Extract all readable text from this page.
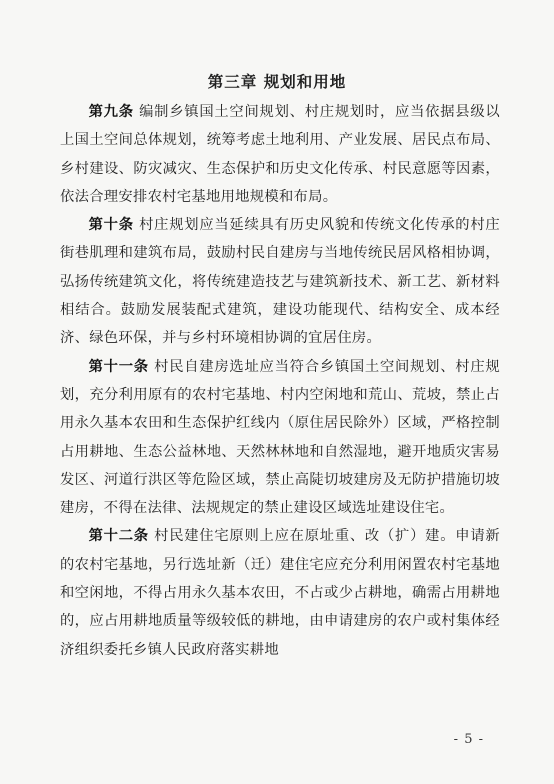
第三章 规划和用地

第九条 编制乡镇国土空间规划、村庄规划时，应当依据县级以上国土空间总体规划，统筹考虑土地利用、产业发展、居民点布局、乡村建设、防灾减灾、生态保护和历史文化传承、村民意愿等因素，依法合理安排农村宅基地用地规模和布局。

第十条 村庄规划应当延续具有历史风貌和传统文化传承的村庄街巷肌理和建筑布局，鼓励村民自建房与当地传统民居风格相协调，弘扬传统建筑文化，将传统建造技艺与建筑新技术、新工艺、新材料相结合。鼓励发展装配式建筑，建设功能现代、结构安全、成本经济、绿色环保，并与乡村环境相协调的宜居住房。

第十一条 村民自建房选址应当符合乡镇国土空间规划、村庄规划，充分利用原有的农村宅基地、村内空闲地和荒山、荒坡，禁止占用永久基本农田和生态保护红线内（原住居民除外）区域，严格控制占用耕地、生态公益林地、天然林林地和自然湿地，避开地质灾害易发区、河道行洪区等危险区域，禁止高陡切坡建房及无防护措施切坡建房，不得在法律、法规规定的禁止建设区域选址建设住宅。

第十二条 村民建住宅原则上应在原址重、改（扩）建。申请新的农村宅基地，另行选址新（迁）建住宅应充分利用闲置农村宅基地和空闲地，不得占用永久基本农田，不占或少占耕地，确需占用耕地的，应占用耕地质量等级较低的耕地，由申请建房的农户或村集体经济组织委托乡镇人民政府落实耕地

- 5 -
